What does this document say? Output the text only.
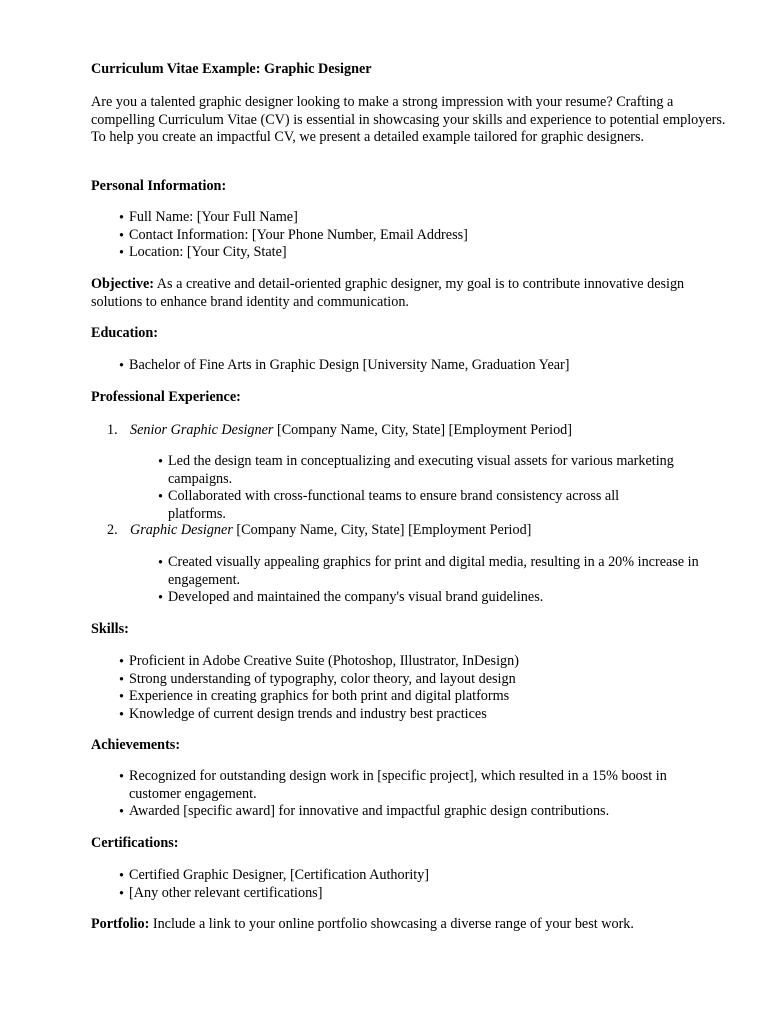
Curriculum Vitae Example: Graphic Designer

Are you a talented graphic designer looking to make a strong impression with your resume? Crafting a compelling Curriculum Vitae (CV) is essential in showcasing your skills and experience to potential employers. To help you create an impactful CV, we present a detailed example tailored for graphic designers.

Personal Information:
• Full Name: [Your Full Name]
• Contact Information: [Your Phone Number, Email Address]
• Location: [Your City, State]

Objective: As a creative and detail-oriented graphic designer, my goal is to contribute innovative design solutions to enhance brand identity and communication.

Education:
• Bachelor of Fine Arts in Graphic Design [University Name, Graduation Year]
Professional Experience:
1. Senior Graphic Designer [Company Name, City, State] [Employment Period]
• Led the design team in conceptualizing and executing visual assets for various marketing campaigns.
• Collaborated with cross-functional teams to ensure brand consistency across all platforms.
2. Graphic Designer [Company Name, City, State] [Employment Period]
• Created visually appealing graphics for print and digital media, resulting in a 20% increase in engagement.
• Developed and maintained the company's visual brand guidelines.
Skills:
• Proficient in Adobe Creative Suite (Photoshop, Illustrator, InDesign)
• Strong understanding of typography, color theory, and layout design
• Experience in creating graphics for both print and digital platforms
• Knowledge of current design trends and industry best practices
Achievements:
• Recognized for outstanding design work in [specific project], which resulted in a 15% boost in customer engagement.
• Awarded [specific award] for innovative and impactful graphic design contributions.
Certifications:
• Certified Graphic Designer, [Certification Authority]
• [Any other relevant certifications]

Portfolio: Include a link to your online portfolio showcasing a diverse range of your best work.
